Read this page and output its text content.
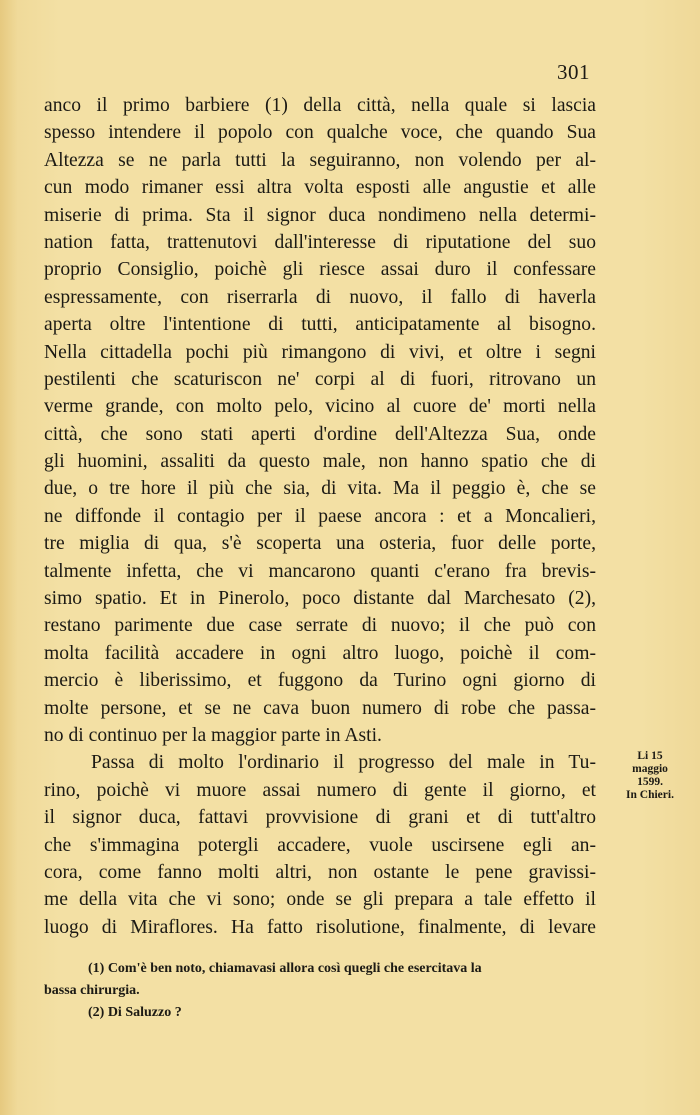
301
anco il primo barbiere (1) della città, nella quale si lascia
spesso intendere il popolo con qualche voce, che quando Sua
Altezza se ne parla tutti la seguiranno, non volendo per al-
cun modo rimaner essi altra volta esposti alle angustie et alle
miserie di prima. Sta il signor duca nondimeno nella determi-
nation fatta, trattenutovi dall'interesse di riputatione del suo
proprio Consiglio, poichè gli riesce assai duro il confessare
espressamente, con riserrarla di nuovo, il fallo di haverla
aperta oltre l'intentione di tutti, anticipatamente al bisogno.
Nella cittadella pochi più rimangono di vivi, et oltre i segni
pestilenti che scaturiscon ne' corpi al di fuori, ritrovano un
verme grande, con molto pelo, vicino al cuore de' morti nella
città, che sono stati aperti d'ordine dell'Altezza Sua, onde
gli huomini, assaliti da questo male, non hanno spatio che di
due, o tre hore il più che sia, di vita. Ma il peggio è, che se
ne diffonde il contagio per il paese ancora : et a Moncalieri,
tre miglia di qua, s'è scoperta una osteria, fuor delle porte,
talmente infetta, che vi mancarono quanti c'erano fra brevis-
simo spatio. Et in Pinerolo, poco distante dal Marchesato (2),
restano parimente due case serrate di nuovo; il che può con
molta facilità accadere in ogni altro luogo, poichè il com-
mercio è liberissimo, et fuggono da Turino ogni giorno di
molte persone, et se ne cava buon numero di robe che passa-
no di continuo per la maggior parte in Asti.
Passa di molto l'ordinario il progresso del male in Tu-
rino, poichè vi muore assai numero di gente il giorno, et
il signor duca, fattavi provvisione di grani et di tutt'altro
che s'immagina potergli accadere, vuole uscirsene egli an-
cora, come fanno molti altri, non ostante le pene gravissi-
me della vita che vi sono; onde se gli prepara a tale effetto il
luogo di Miraflores. Ha fatto risolutione, finalmente, di levare
Li 15
maggio
1599.
In Chieri.
(1) Com'è ben noto, chiamavasi allora così quegli che esercitava la
bassa chirurgia.
(2) Di Saluzzo ?
